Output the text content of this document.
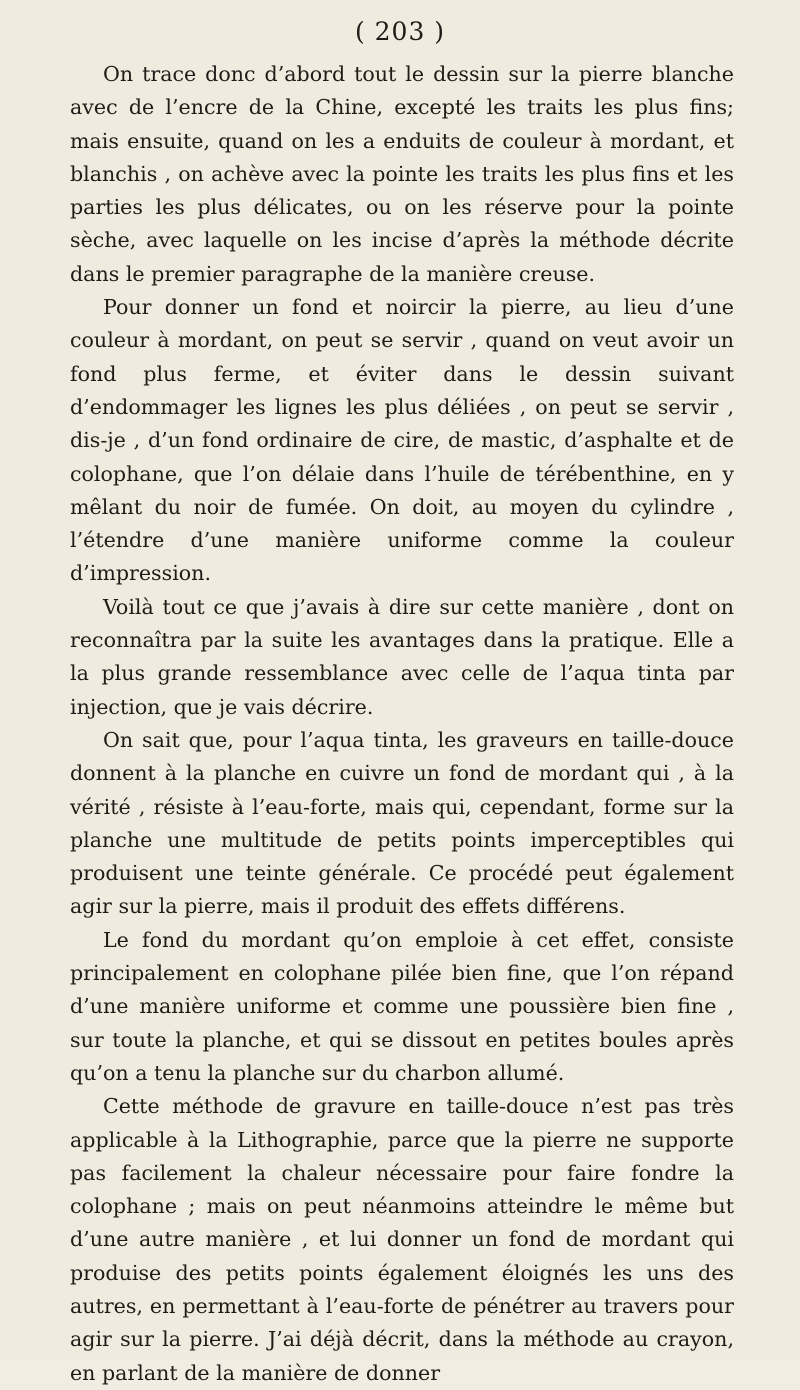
( 203 )

On trace donc d’abord tout le dessin sur la pierre blanche avec de l’encre de la Chine, excepté les traits les plus fins; mais ensuite, quand on les a enduits de couleur à mordant, et blanchis , on achève avec la pointe les traits les plus fins et les parties les plus délicates, ou on les réserve pour la pointe sèche, avec laquelle on les incise d’après la méthode décrite dans le premier paragraphe de la manière creuse.

Pour donner un fond et noircir la pierre, au lieu d’une couleur à mordant, on peut se servir , quand on veut avoir un fond plus ferme, et éviter dans le dessin suivant d’endommager les lignes les plus déliées , on peut se servir , dis-je , d’un fond ordinaire de cire, de mastic, d’asphalte et de colophane, que l’on délaie dans l’huile de térébenthine, en y mêlant du noir de fumée. On doit, au moyen du cylindre , l’étendre d’une manière uniforme comme la couleur d’impression.

Voilà tout ce que j’avais à dire sur cette manière , dont on reconnaîtra par la suite les avantages dans la pratique. Elle a la plus grande ressemblance avec celle de l’aqua tinta par injection, que je vais décrire.

On sait que, pour l’aqua tinta, les graveurs en taille-douce donnent à la planche en cuivre un fond de mordant qui , à la vérité , résiste à l’eau-forte, mais qui, cependant, forme sur la planche une multitude de petits points imperceptibles qui produisent une teinte générale. Ce procédé peut également agir sur la pierre, mais il produit des effets différens.

Le fond du mordant qu’on emploie à cet effet, consiste principalement en colophane pilée bien fine, que l’on répand d’une manière uniforme et comme une poussière bien fine , sur toute la planche, et qui se dissout en petites boules après qu’on a tenu la planche sur du charbon allumé.

Cette méthode de gravure en taille-douce n’est pas très applicable à la Lithographie, parce que la pierre ne supporte pas facilement la chaleur nécessaire pour faire fondre la colophane ; mais on peut néanmoins atteindre le même but d’une autre manière , et lui donner un fond de mordant qui produise des petits points également éloignés les uns des autres, en permettant à l’eau-forte de pénétrer au travers pour agir sur la pierre. J’ai déjà décrit, dans la méthode au crayon, en parlant de la manière de donner
